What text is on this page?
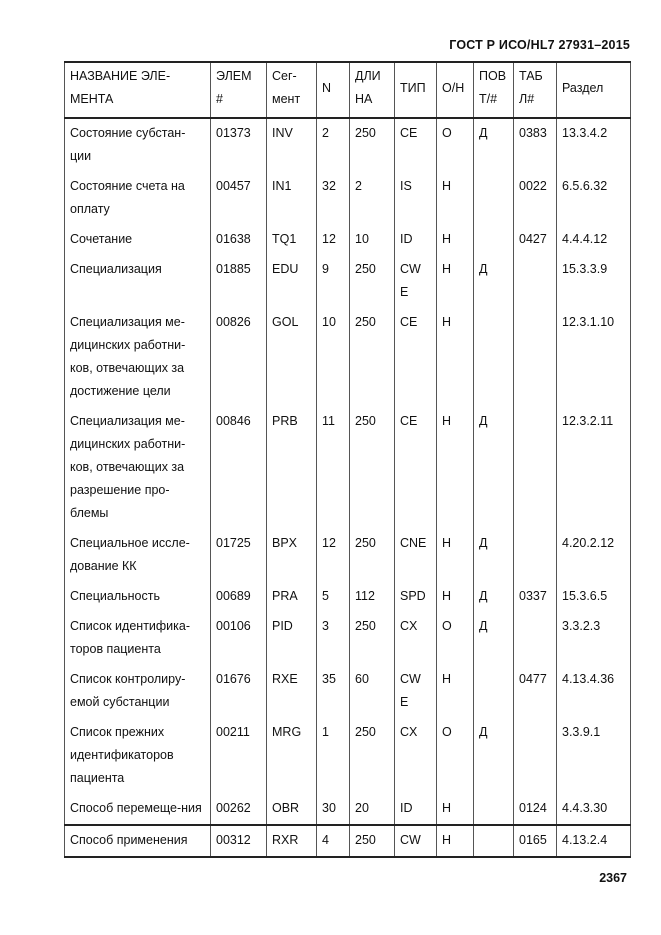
ГОСТ Р ИСО/HL7 27931–2015
НАЗВАНИЕ ЭЛЕ-МЕНТА	ЭЛЕМ #	Сег-мент	N	ДЛИ НА	ТИП	О/Н	ПОВ Т/#	ТАБ Л#	Раздел
Состояние субстан-ции	01373	INV	2	250	CE	О	Д	0383	13.3.4.2
Состояние счета на оплату	00457	IN1	32	2	IS	Н		0022	6.5.6.32
Сочетание	01638	TQ1	12	10	ID	Н		0427	4.4.4.12
Специализация	01885	EDU	9	250	CW E	Н	Д		15.3.3.9
Специализация ме-дицинских работни-ков, отвечающих за достижение цели	00826	GOL	10	250	CE	Н			12.3.1.10
Специализация ме-дицинских работни-ков, отвечающих за разрешение про-блемы	00846	PRB	11	250	CE	Н	Д		12.3.2.11
Специальное иссле-дование КК	01725	BPX	12	250	CNE	Н	Д		4.20.2.12
Специальность	00689	PRA	5	112	SPD	Н	Д	0337	15.3.6.5
Список идентифика-торов пациента	00106	PID	3	250	CX	О	Д		3.3.2.3
Список контролиру-емой субстанции	01676	RXE	35	60	CW E	Н		0477	4.13.4.36
Список прежних идентификаторов пациента	00211	MRG	1	250	CX	О	Д		3.3.9.1
Способ перемеще-ния	00262	OBR	30	20	ID	Н		0124	4.4.3.30
Способ применения	00312	RXR	4	250	CW	Н		0165	4.13.2.4
2367
